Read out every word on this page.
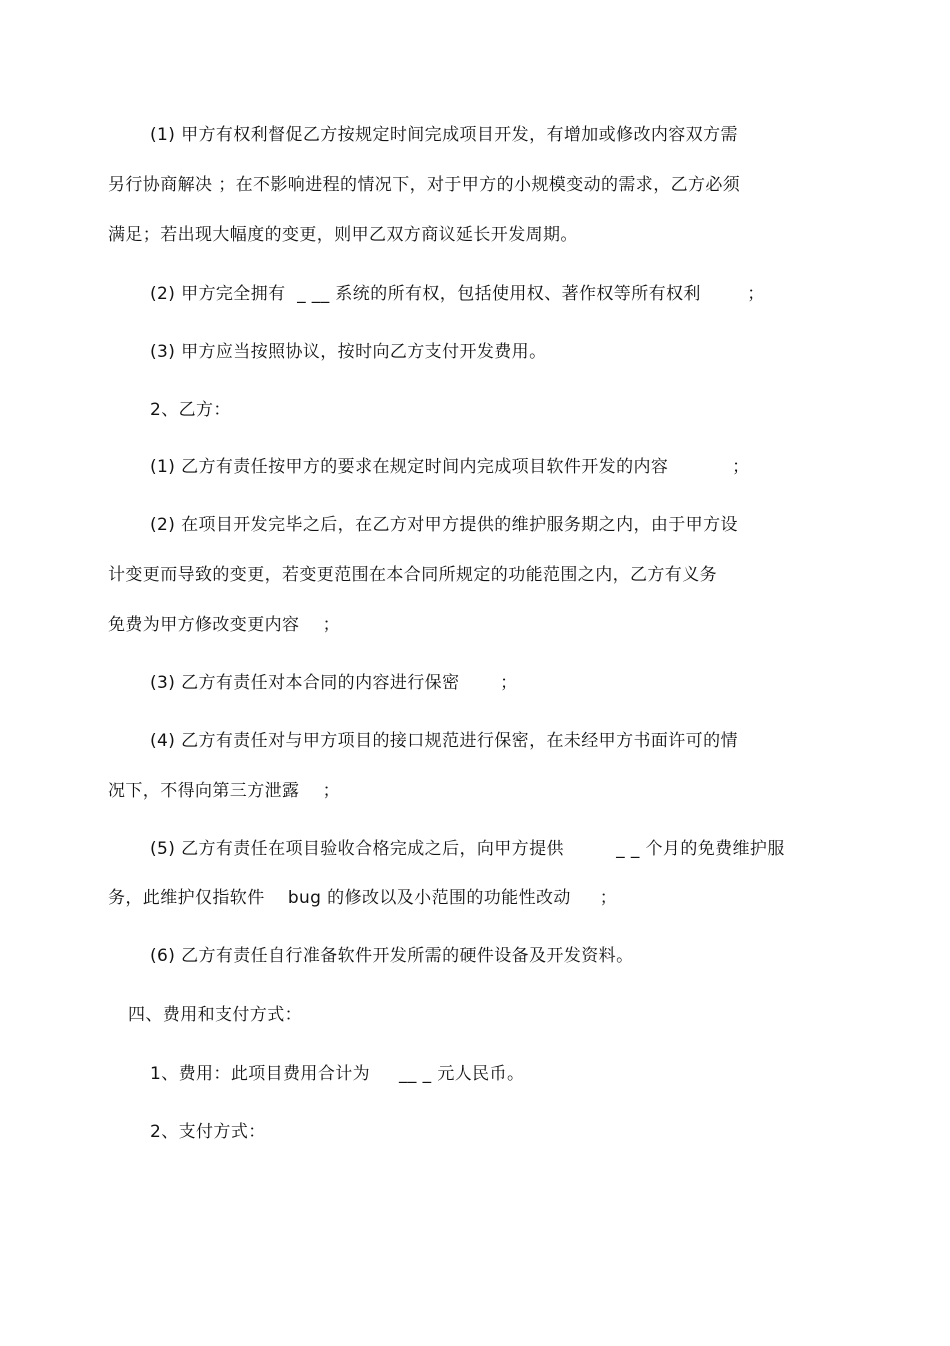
(1) 甲方有权利督促乙方按规定时间完成项目开发，有增加或修改内容双方需
另行协商解决 ；在不影响进程的情况下，对于甲方的小规模变动的需求，乙方必须
满足；若出现大幅度的变更，则甲乙双方商议延长开发周期。
(2) 甲方完全拥有  _ __ 系统的所有权，包括使用权、著作权等所有权利        ；
(3) 甲方应当按照协议，按时向乙方支付开发费用。
2、乙方：
(1) 乙方有责任按甲方的要求在规定时间内完成项目软件开发的内容           ；
(2) 在项目开发完毕之后，在乙方对甲方提供的维护服务期之内，由于甲方设
计变更而导致的变更，若变更范围在本合同所规定的功能范围之内，乙方有义务
免费为甲方修改变更内容    ；
(3) 乙方有责任对本合同的内容进行保密       ；
(4) 乙方有责任对与甲方项目的接口规范进行保密，在未经甲方书面许可的情
况下，不得向第三方泄露    ；
(5) 乙方有责任在项目验收合格完成之后，向甲方提供         _ _ 个月的免费维护服
务，此维护仅指软件    bug 的修改以及小范围的功能性改动     ；
(6) 乙方有责任自行准备软件开发所需的硬件设备及开发资料。
四、费用和支付方式：
1、费用：此项目费用合计为     __ _ 元人民币。
2、支付方式：
